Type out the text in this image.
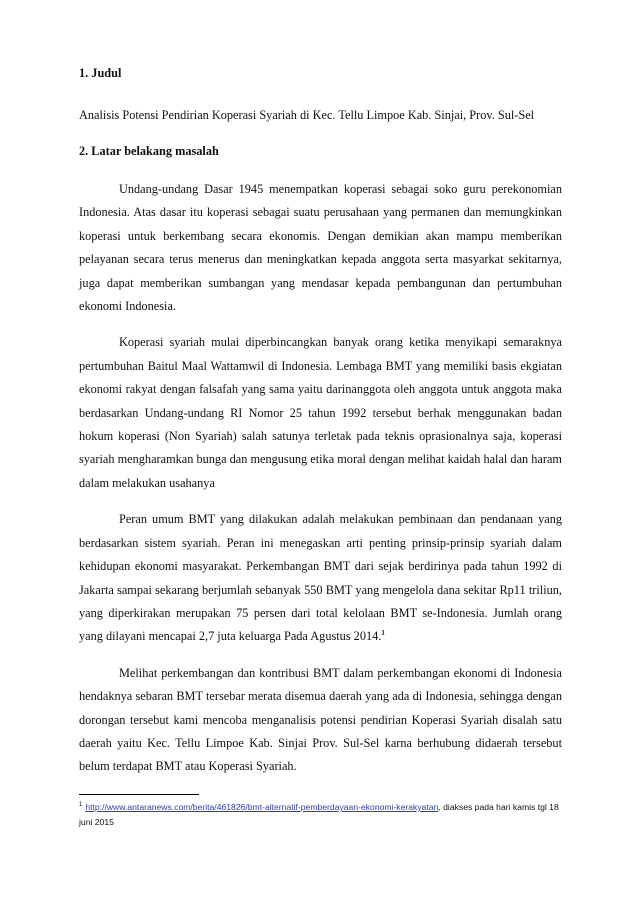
1. Judul

Analisis Potensi Pendirian Koperasi Syariah di Kec. Tellu Limpoe Kab. Sinjai, Prov. Sul-Sel

2. Latar belakang masalah

Undang-undang Dasar 1945 menempatkan koperasi sebagai soko guru perekonomian Indonesia. Atas dasar itu koperasi sebagai suatu perusahaan yang permanen dan memungkinkan koperasi untuk berkembang secara ekonomis. Dengan demikian akan mampu memberikan pelayanan secara terus menerus dan meningkatkan kepada anggota serta masyarkat sekitarnya, juga dapat memberikan sumbangan yang mendasar kepada pembangunan dan pertumbuhan ekonomi Indonesia.

Koperasi syariah mulai diperbincangkan banyak orang ketika menyikapi semaraknya pertumbuhan Baitul Maal Wattamwil di Indonesia. Lembaga BMT yang memiliki basis ekgiatan ekonomi rakyat dengan falsafah yang sama yaitu darinanggota oleh anggota untuk anggota maka berdasarkan Undang-undang RI Nomor 25 tahun 1992 tersebut berhak menggunakan badan hokum koperasi (Non Syariah) salah satunya terletak pada teknis oprasionalnya saja, koperasi syariah mengharamkan bunga dan mengusung etika moral dengan melihat kaidah halal dan haram dalam melakukan usahanya

Peran umum BMT yang dilakukan adalah melakukan pembinaan dan pendanaan yang berdasarkan sistem syariah. Peran ini menegaskan arti penting prinsip-prinsip syariah dalam kehidupan ekonomi masyarakat. Perkembangan BMT dari sejak berdirinya pada tahun 1992 di Jakarta sampai sekarang berjumlah sebanyak 550 BMT yang mengelola dana sekitar Rp11 triliun, yang diperkirakan merupakan 75 persen dari total kelolaan BMT se-Indonesia. Jumlah orang yang dilayani mencapai 2,7 juta keluarga Pada Agustus 2014.$^1$

Melihat perkembangan dan kontribusi BMT dalam perkembangan ekonomi di Indonesia hendaknya sebaran BMT tersebar merata disemua daerah yang ada di Indonesia, sehingga dengan dorongan tersebut kami mencoba menganalisis potensi pendirian Koperasi Syariah disalah satu daerah yaitu Kec. Tellu Limpoe Kab. Sinjai Prov. Sul-Sel karna berhubung didaerah tersebut belum terdapat BMT atau Koperasi Syariah.

$^1$ http://www.antaranews.com/berita/461826/bmt-alternatif-pemberdayaan-ekonomi-kerakyatan, diakses pada hari kamis tgl 18 juni 2015
